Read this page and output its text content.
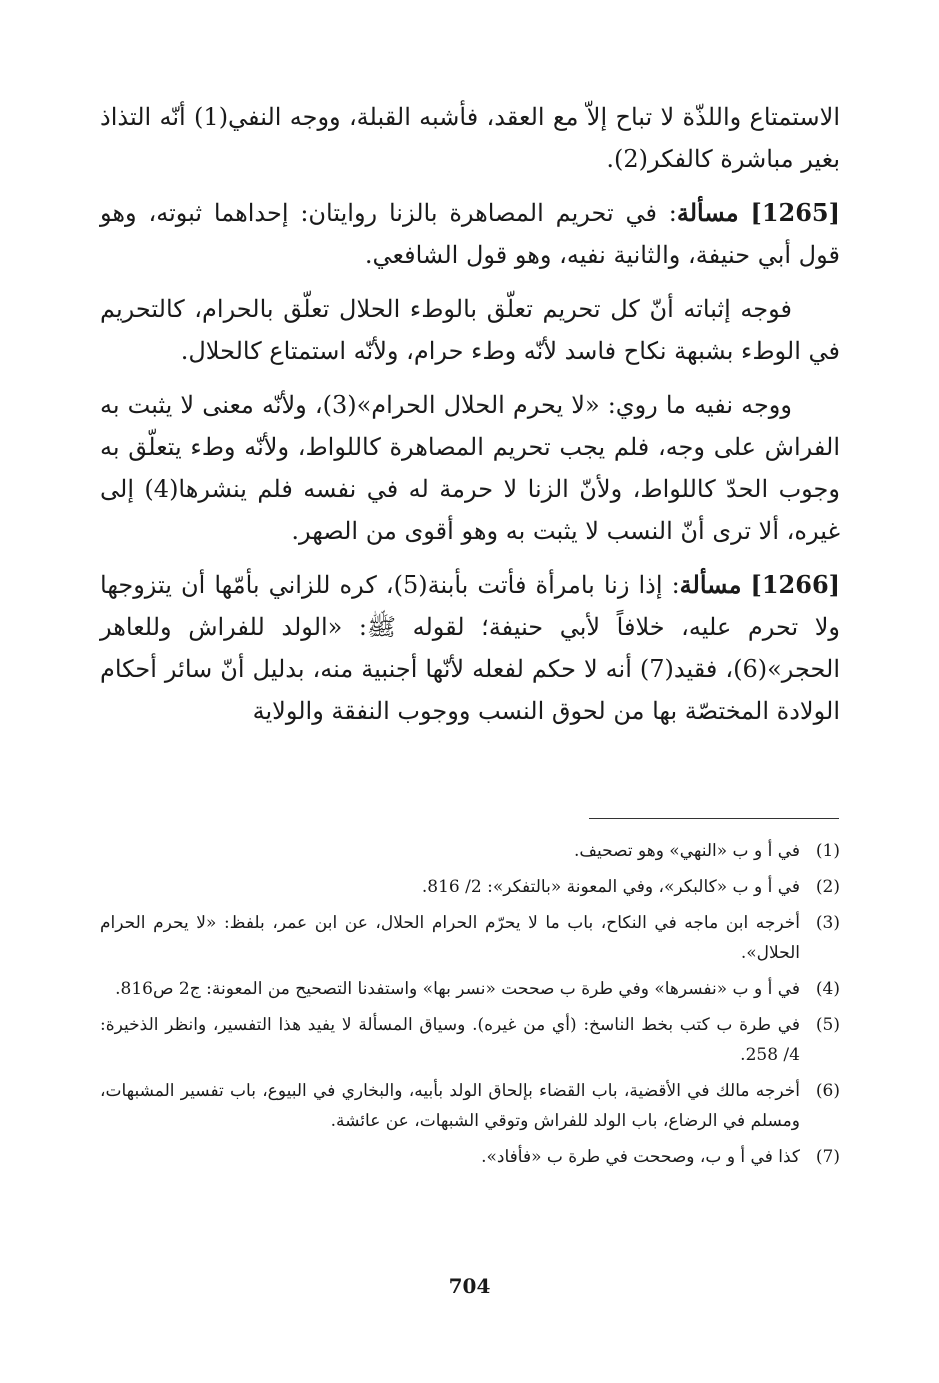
الاستمتاع واللذّة لا تباح إلاّ مع العقد، فأشبه القبلة، ووجه النفي(1) أنّه التذاذ بغير مباشرة كالفكر(2).

[1265] مسألة: في تحريم المصاهرة بالزنا روايتان: إحداهما ثبوته، وهو قول أبي حنيفة، والثانية نفيه، وهو قول الشافعي.

فوجه إثباته أنّ كل تحريم تعلّق بالوطء الحلال تعلّق بالحرام، كالتحريم في الوطء بشبهة نكاح فاسد لأنّه وطء حرام، ولأنّه استمتاع كالحلال.

ووجه نفيه ما روي: «لا يحرم الحلال الحرام»(3)، ولأنّه معنى لا يثبت به الفراش على وجه، فلم يجب تحريم المصاهرة كاللواط، ولأنّه وطء يتعلّق به وجوب الحدّ كاللواط، ولأنّ الزنا لا حرمة له في نفسه فلم ينشرها(4) إلى غيره، ألا ترى أنّ النسب لا يثبت به وهو أقوى من الصهر.

[1266] مسألة: إذا زنا بامرأة فأتت بأبنة(5)، كره للزاني بأمّها أن يتزوجها ولا تحرم عليه، خلافاً لأبي حنيفة؛ لقوله ﷺ: «الولد للفراش وللعاهر الحجر»(6)، فقيد(7) أنه لا حكم لفعله لأنّها أجنبية منه، بدليل أنّ سائر أحكام الولادة المختصّة بها من لحوق النسب ووجوب النفقة والولاية

(1)
في أ و ب «النهي» وهو تصحيف.
(2)
في أ و ب «كالبكر»، وفي المعونة «بالتفكر»: 2/ 816.
(3)
أخرجه ابن ماجه في النكاح، باب ما لا يحرّم الحرام الحلال، عن ابن عمر، بلفظ: «لا يحرم الحرام الحلال».
(4)
في أ و ب «نفسرها» وفي طرة ب صححت «نسر بها» واستفدنا التصحيح من المعونة: ج2 ص816.
(5)
في طرة ب كتب بخط الناسخ: (أي من غيره). وسياق المسألة لا يفيد هذا التفسير، وانظر الذخيرة: 4/ 258.
(6)
أخرجه مالك في الأقضية، باب القضاء بإلحاق الولد بأبيه، والبخاري في البيوع، باب تفسير المشبهات، ومسلم في الرضاع، باب الولد للفراش وتوقي الشبهات، عن عائشة.
(7)
كذا في أ و ب، وصححت في طرة ب «فأفاد».
704
